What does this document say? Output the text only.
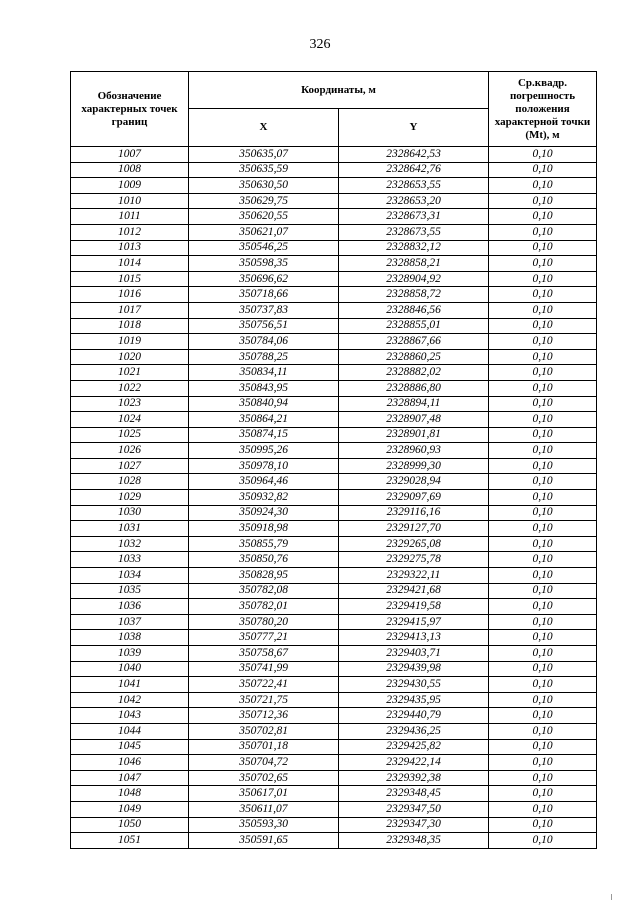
326
Обозначение характерных точек границ	Координаты, м		Ср.квадр. погрешность положения характерной точки (Mt), м
	X	Y	
1007	350635,07	2328642,53	0,10
1008	350635,59	2328642,76	0,10
1009	350630,50	2328653,55	0,10
1010	350629,75	2328653,20	0,10
1011	350620,55	2328673,31	0,10
1012	350621,07	2328673,55	0,10
1013	350546,25	2328832,12	0,10
1014	350598,35	2328858,21	0,10
1015	350696,62	2328904,92	0,10
1016	350718,66	2328858,72	0,10
1017	350737,83	2328846,56	0,10
1018	350756,51	2328855,01	0,10
1019	350784,06	2328867,66	0,10
1020	350788,25	2328860,25	0,10
1021	350834,11	2328882,02	0,10
1022	350843,95	2328886,80	0,10
1023	350840,94	2328894,11	0,10
1024	350864,21	2328907,48	0,10
1025	350874,15	2328901,81	0,10
1026	350995,26	2328960,93	0,10
1027	350978,10	2328999,30	0,10
1028	350964,46	2329028,94	0,10
1029	350932,82	2329097,69	0,10
1030	350924,30	2329116,16	0,10
1031	350918,98	2329127,70	0,10
1032	350855,79	2329265,08	0,10
1033	350850,76	2329275,78	0,10
1034	350828,95	2329322,11	0,10
1035	350782,08	2329421,68	0,10
1036	350782,01	2329419,58	0,10
1037	350780,20	2329415,97	0,10
1038	350777,21	2329413,13	0,10
1039	350758,67	2329403,71	0,10
1040	350741,99	2329439,98	0,10
1041	350722,41	2329430,55	0,10
1042	350721,75	2329435,95	0,10
1043	350712,36	2329440,79	0,10
1044	350702,81	2329436,25	0,10
1045	350701,18	2329425,82	0,10
1046	350704,72	2329422,14	0,10
1047	350702,65	2329392,38	0,10
1048	350617,01	2329348,45	0,10
1049	350611,07	2329347,50	0,10
1050	350593,30	2329347,30	0,10
1051	350591,65	2329348,35	0,10
